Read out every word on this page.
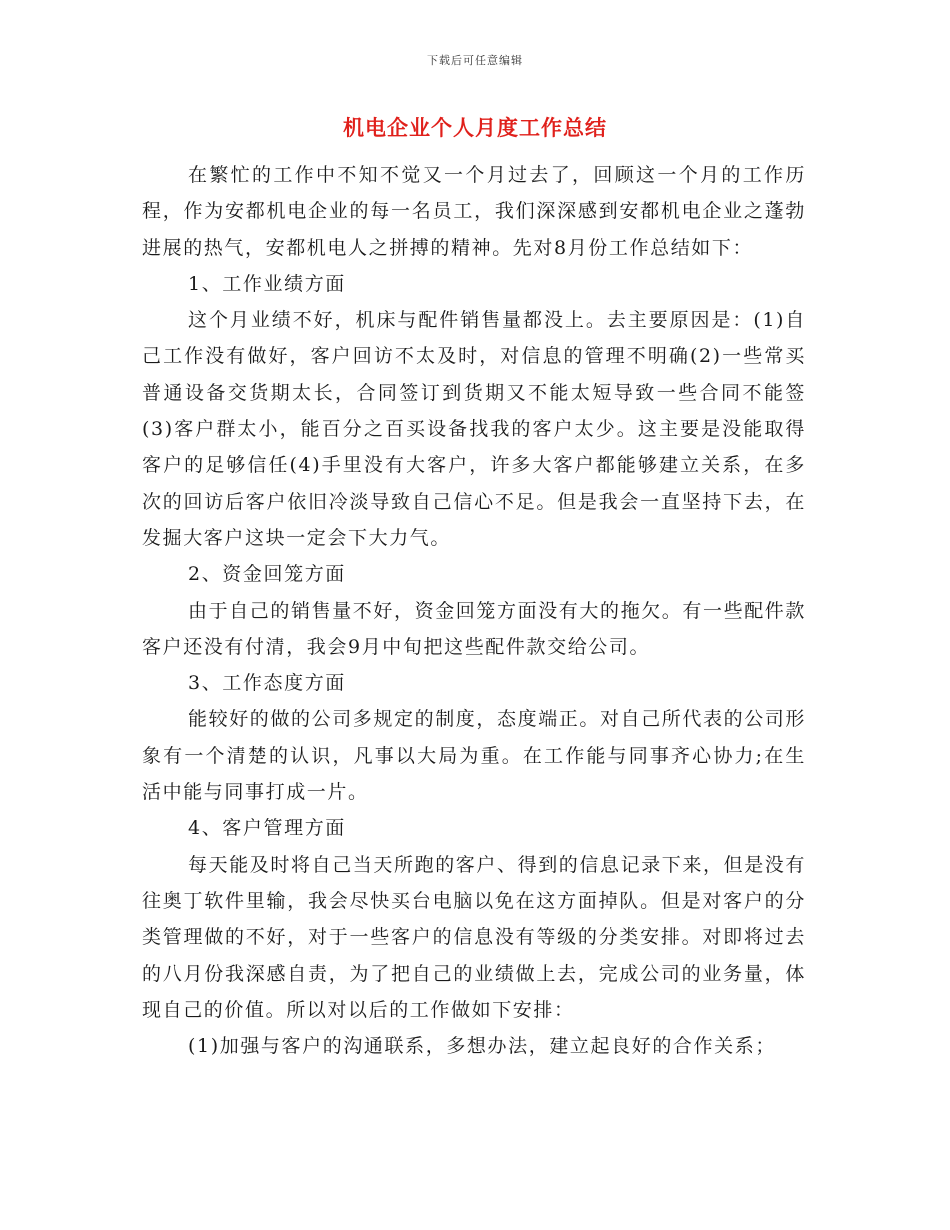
下载后可任意编辑
机电企业个人月度工作总结

在繁忙的工作中不知不觉又一个月过去了，回顾这一个月的工作历程，作为安都机电企业的每一名员工，我们深深感到安都机电企业之蓬勃进展的热气，安都机电人之拼搏的精神。先对8月份工作总结如下：

1、工作业绩方面

这个月业绩不好，机床与配件销售量都没上。去主要原因是：(1)自己工作没有做好，客户回访不太及时，对信息的管理不明确(2)一些常买普通设备交货期太长，合同签订到货期又不能太短导致一些合同不能签(3)客户群太小，能百分之百买设备找我的客户太少。这主要是没能取得客户的足够信任(4)手里没有大客户，许多大客户都能够建立关系，在多次的回访后客户依旧冷淡导致自己信心不足。但是我会一直坚持下去，在发掘大客户这块一定会下大力气。

2、资金回笼方面

由于自己的销售量不好，资金回笼方面没有大的拖欠。有一些配件款客户还没有付清，我会9月中旬把这些配件款交给公司。

3、工作态度方面

能较好的做的公司多规定的制度，态度端正。对自己所代表的公司形象有一个清楚的认识，凡事以大局为重。在工作能与同事齐心协力;在生活中能与同事打成一片。

4、客户管理方面

每天能及时将自己当天所跑的客户、得到的信息记录下来，但是没有往奥丁软件里输，我会尽快买台电脑以免在这方面掉队。但是对客户的分类管理做的不好，对于一些客户的信息没有等级的分类安排。对即将过去的八月份我深感自责，为了把自己的业绩做上去，完成公司的业务量，体现自己的价值。所以对以后的工作做如下安排：

(1)加强与客户的沟通联系，多想办法，建立起良好的合作关系；
